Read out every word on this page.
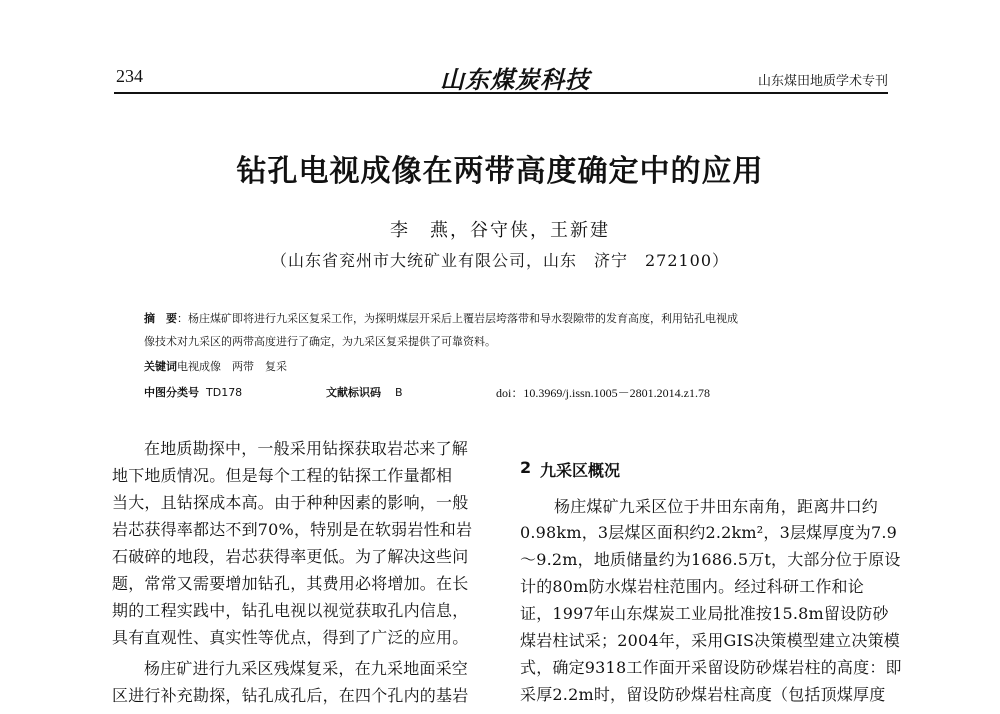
234	山东煤炭科技	山东煤田地质学术专刊
钻孔电视成像在两带高度确定中的应用
李　燕，谷守侠，王新建
（山东省兖州市大统矿业有限公司，山东　济宁　272100）
摘　要：杨庄煤矿即将进行九采区复采工作，为探明煤层开采后上覆岩层垮落带和导水裂隙带的发育高度，利用钻孔电视成
像技术对九采区的两带高度进行了确定，为九采区复采提供了可靠资料。
关键词电视成像　两带　复采
中图分类号 TD178	文献标识码 B	doi：10.3969/j.issn.1005－2801.2014.z1.78
在地质勘探中，一般采用钻探获取岩芯来了解
地下地质情况。但是每个工程的钻探工作量都相
当大，且钻探成本高。由于种种因素的影响，一般
岩芯获得率都达不到70%，特别是在软弱岩性和岩
石破碎的地段，岩芯获得率更低。为了解决这些问
题，常常又需要增加钻孔，其费用必将增加。在长
期的工程实践中，钻孔电视以视觉获取孔内信息，
具有直观性、真实性等优点，得到了广泛的应用。
杨庄矿进行九采区残煤复采，在九采地面采空
区进行补充勘探，钻孔成孔后，在四个孔内的基岩
2 九采区概况
杨庄煤矿九采区位于井田东南角，距离井口约
0.98km，3层煤区面积约2.2km²，3层煤厚度为7.9
～9.2m，地质储量约为1686.5万t，大部分位于原设
计的80m防水煤岩柱范围内。经过科研工作和论
证，1997年山东煤炭工业局批准按15.8m留设防砂
煤岩柱试采；2004年，采用GIS决策模型建立决策模
式，确定9318工作面开采留设防砂煤岩柱的高度：即
采厚2.2m时，留设防砂煤岩柱高度（包括顶煤厚度
